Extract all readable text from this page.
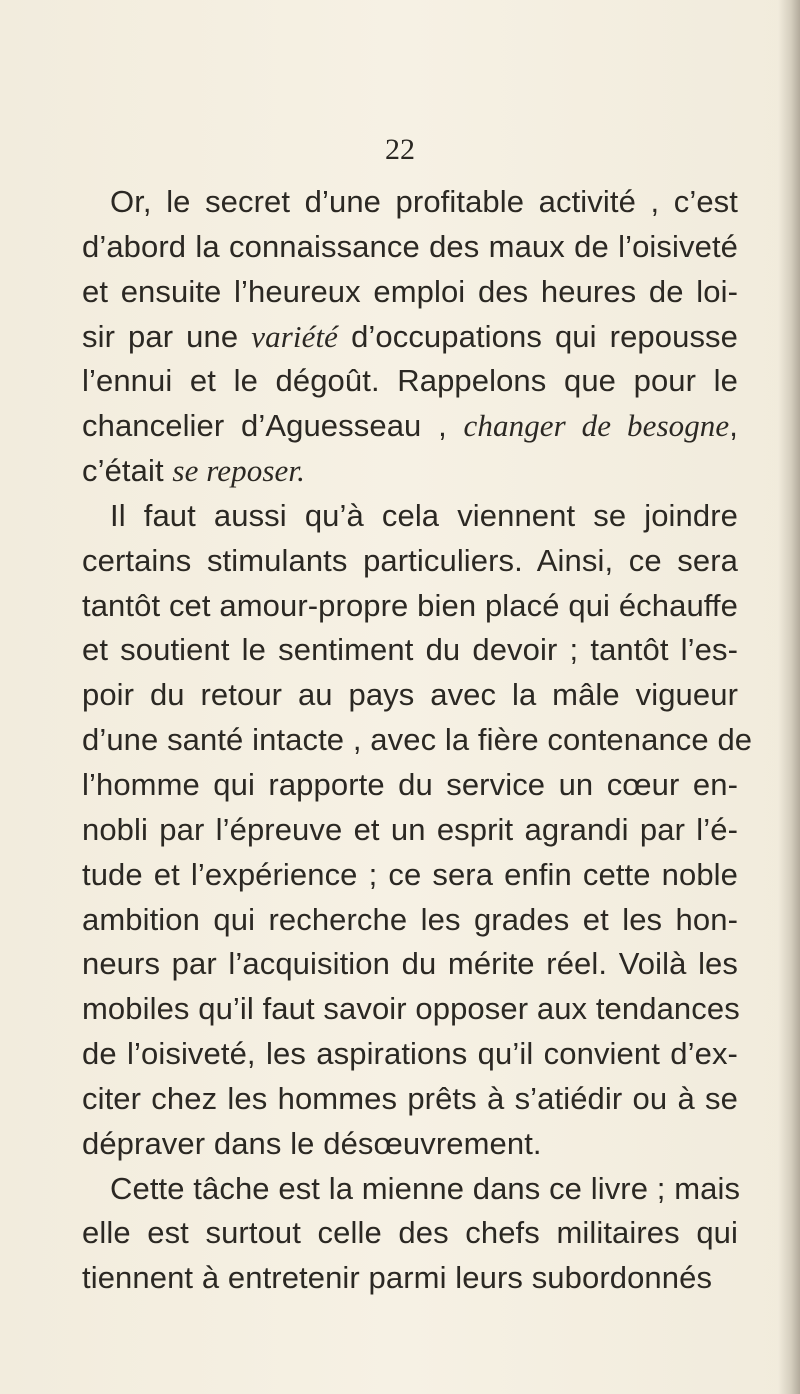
22
Or, le secret d’une profitable activité , c’est
d’abord la connaissance des maux de l’oisiveté
et ensuite l’heureux emploi des heures de loi-
sir par une variété d’occupations qui repousse
l’ennui et le dégoût. Rappelons que pour le
chancelier d’Aguesseau , changer de besogne,
c’était se reposer.
Il faut aussi qu’à cela viennent se joindre
certains stimulants particuliers. Ainsi, ce sera
tantôt cet amour-propre bien placé qui échauffe
et soutient le sentiment du devoir ; tantôt l’es-
poir du retour au pays avec la mâle vigueur
d’une santé intacte , avec la fière contenance de
l’homme qui rapporte du service un cœur en-
nobli par l’épreuve et un esprit agrandi par l’é-
tude et l’expérience ; ce sera enfin cette noble
ambition qui recherche les grades et les hon-
neurs par l’acquisition du mérite réel. Voilà les
mobiles qu’il faut savoir opposer aux tendances
de l’oisiveté, les aspirations qu’il convient d’ex-
citer chez les hommes prêts à s’atiédir ou à se
dépraver dans le désœuvrement.
Cette tâche est la mienne dans ce livre ; mais
elle est surtout celle des chefs militaires qui
tiennent à entretenir parmi leurs subordonnés
